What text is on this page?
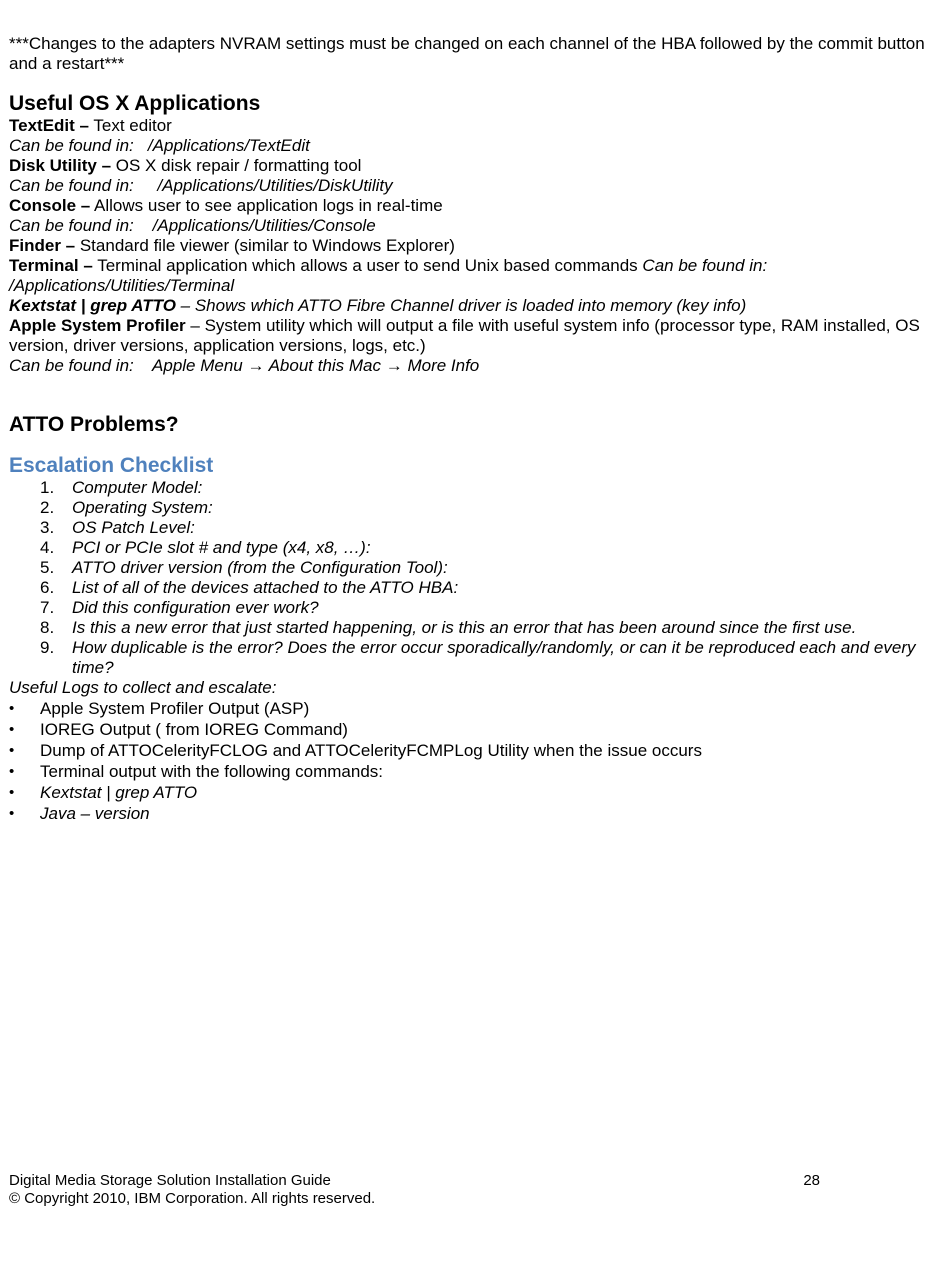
***Changes to the adapters NVRAM settings must be changed on each channel of the HBA followed by the commit button and a restart***
Useful OS X Applications
TextEdit – Text editor
Can be found in:   /Applications/TextEdit
Disk Utility – OS X disk repair / formatting tool
Can be found in:     /Applications/Utilities/DiskUtility
Console – Allows user to see application logs in real-time
Can be found in:    /Applications/Utilities/Console
Finder – Standard file viewer (similar to Windows Explorer)
Terminal – Terminal application which allows a user to send Unix based commands Can be found in: /Applications/Utilities/Terminal
Kextstat | grep ATTO – Shows which ATTO Fibre Channel driver is loaded into memory (key info)
Apple System Profiler – System utility which will output a file with useful system info (processor type, RAM installed, OS version, driver versions, application versions, logs, etc.)
Can be found in:    Apple Menu → About this Mac → More Info
ATTO Problems?
Escalation Checklist
1. Computer Model:
2. Operating System:
3. OS Patch Level:
4. PCI or PCIe slot # and type (x4, x8, …):
5. ATTO driver version (from the Configuration Tool):
6. List of all of the devices attached to the ATTO HBA:
7. Did this configuration ever work?
8. Is this a new error that just started happening, or is this an error that has been around since the first use.
9. How duplicable is the error? Does the error occur sporadically/randomly, or can it be reproduced each and every time?
Useful Logs to collect and escalate:
• Apple System Profiler Output (ASP)
• IOREG Output ( from IOREG Command)
• Dump of ATTOCelerityFCLOG and ATTOCelerityFCMPLog Utility when the issue occurs
• Terminal output with the following commands:
• Kextstat | grep ATTO
• Java – version
Digital Media Storage Solution Installation Guide	28
© Copyright 2010, IBM Corporation. All rights reserved.
